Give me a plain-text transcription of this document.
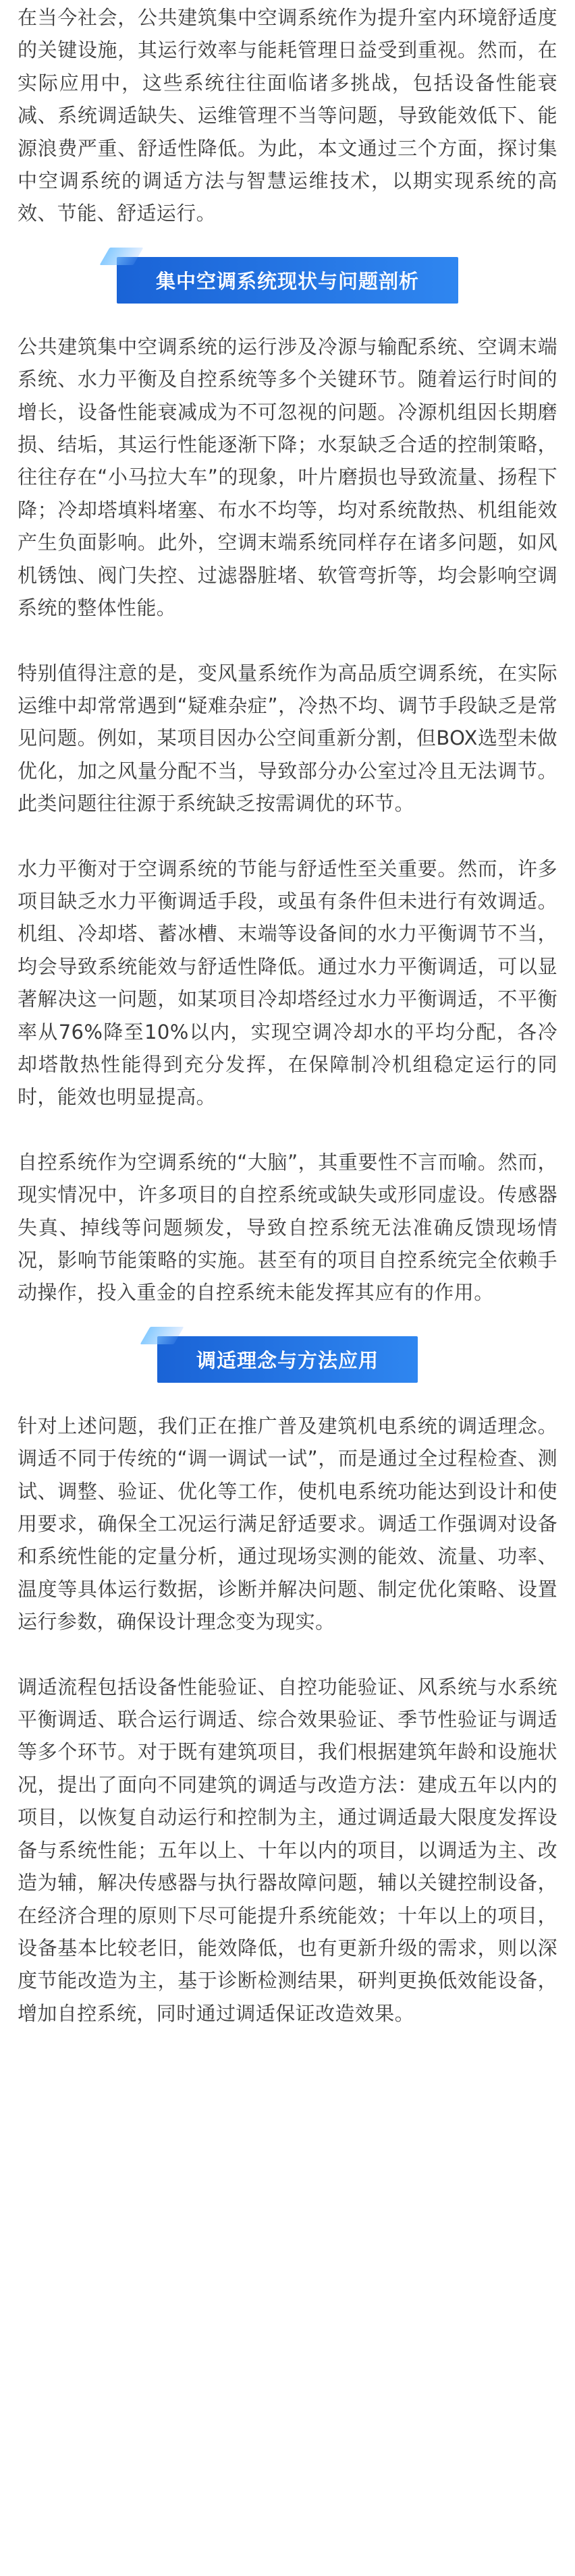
在当今社会，公共建筑集中空调系统作为提升室内环境舒适度的关键设施，其运行效率与能耗管理日益受到重视。然而，在实际应用中，这些系统往往面临诸多挑战，包括设备性能衰减、系统调适缺失、运维管理不当等问题，导致能效低下、能源浪费严重、舒适性降低。为此，本文通过三个方面，探讨集中空调系统的调适方法与智慧运维技术，以期实现系统的高效、节能、舒适运行。

集中空调系统现状与问题剖析

公共建筑集中空调系统的运行涉及冷源与输配系统、空调末端系统、水力平衡及自控系统等多个关键环节。随着运行时间的增长，设备性能衰减成为不可忽视的问题。冷源机组因长期磨损、结垢，其运行性能逐渐下降；水泵缺乏合适的控制策略，往往存在“小马拉大车”的现象，叶片磨损也导致流量、扬程下降；冷却塔填料堵塞、布水不均等，均对系统散热、机组能效产生负面影响。此外，空调末端系统同样存在诸多问题，如风机锈蚀、阀门失控、过滤器脏堵、软管弯折等，均会影响空调系统的整体性能。

特别值得注意的是，变风量系统作为高品质空调系统，在实际运维中却常常遇到“疑难杂症”，冷热不均、调节手段缺乏是常见问题。例如，某项目因办公空间重新分割，但BOX选型未做优化，加之风量分配不当，导致部分办公室过冷且无法调节。此类问题往往源于系统缺乏按需调优的环节。

水力平衡对于空调系统的节能与舒适性至关重要。然而，许多项目缺乏水力平衡调适手段，或虽有条件但未进行有效调适。机组、冷却塔、蓄冰槽、末端等设备间的水力平衡调节不当，均会导致系统能效与舒适性降低。通过水力平衡调适，可以显著解决这一问题，如某项目冷却塔经过水力平衡调适，不平衡率从76%降至10%以内，实现空调冷却水的平均分配，各冷却塔散热性能得到充分发挥，在保障制冷机组稳定运行的同时，能效也明显提高。

自控系统作为空调系统的“大脑”，其重要性不言而喻。然而，现实情况中，许多项目的自控系统或缺失或形同虚设。传感器失真、掉线等问题频发，导致自控系统无法准确反馈现场情况，影响节能策略的实施。甚至有的项目自控系统完全依赖手动操作，投入重金的自控系统未能发挥其应有的作用。

调适理念与方法应用

针对上述问题，我们正在推广普及建筑机电系统的调适理念。调适不同于传统的“调一调试一试”，而是通过全过程检查、测试、调整、验证、优化等工作，使机电系统功能达到设计和使用要求，确保全工况运行满足舒适要求。调适工作强调对设备和系统性能的定量分析，通过现场实测的能效、流量、功率、温度等具体运行数据，诊断并解决问题、制定优化策略、设置运行参数，确保设计理念变为现实。

调适流程包括设备性能验证、自控功能验证、风系统与水系统平衡调适、联合运行调适、综合效果验证、季节性验证与调适等多个环节。对于既有建筑项目，我们根据建筑年龄和设施状况，提出了面向不同建筑的调适与改造方法：建成五年以内的项目，以恢复自动运行和控制为主，通过调适最大限度发挥设备与系统性能；五年以上、十年以内的项目，以调适为主、改造为辅，解决传感器与执行器故障问题，辅以关键控制设备，在经济合理的原则下尽可能提升系统能效；十年以上的项目，设备基本比较老旧，能效降低，也有更新升级的需求，则以深度节能改造为主，基于诊断检测结果，研判更换低效能设备，增加自控系统，同时通过调适保证改造效果。
